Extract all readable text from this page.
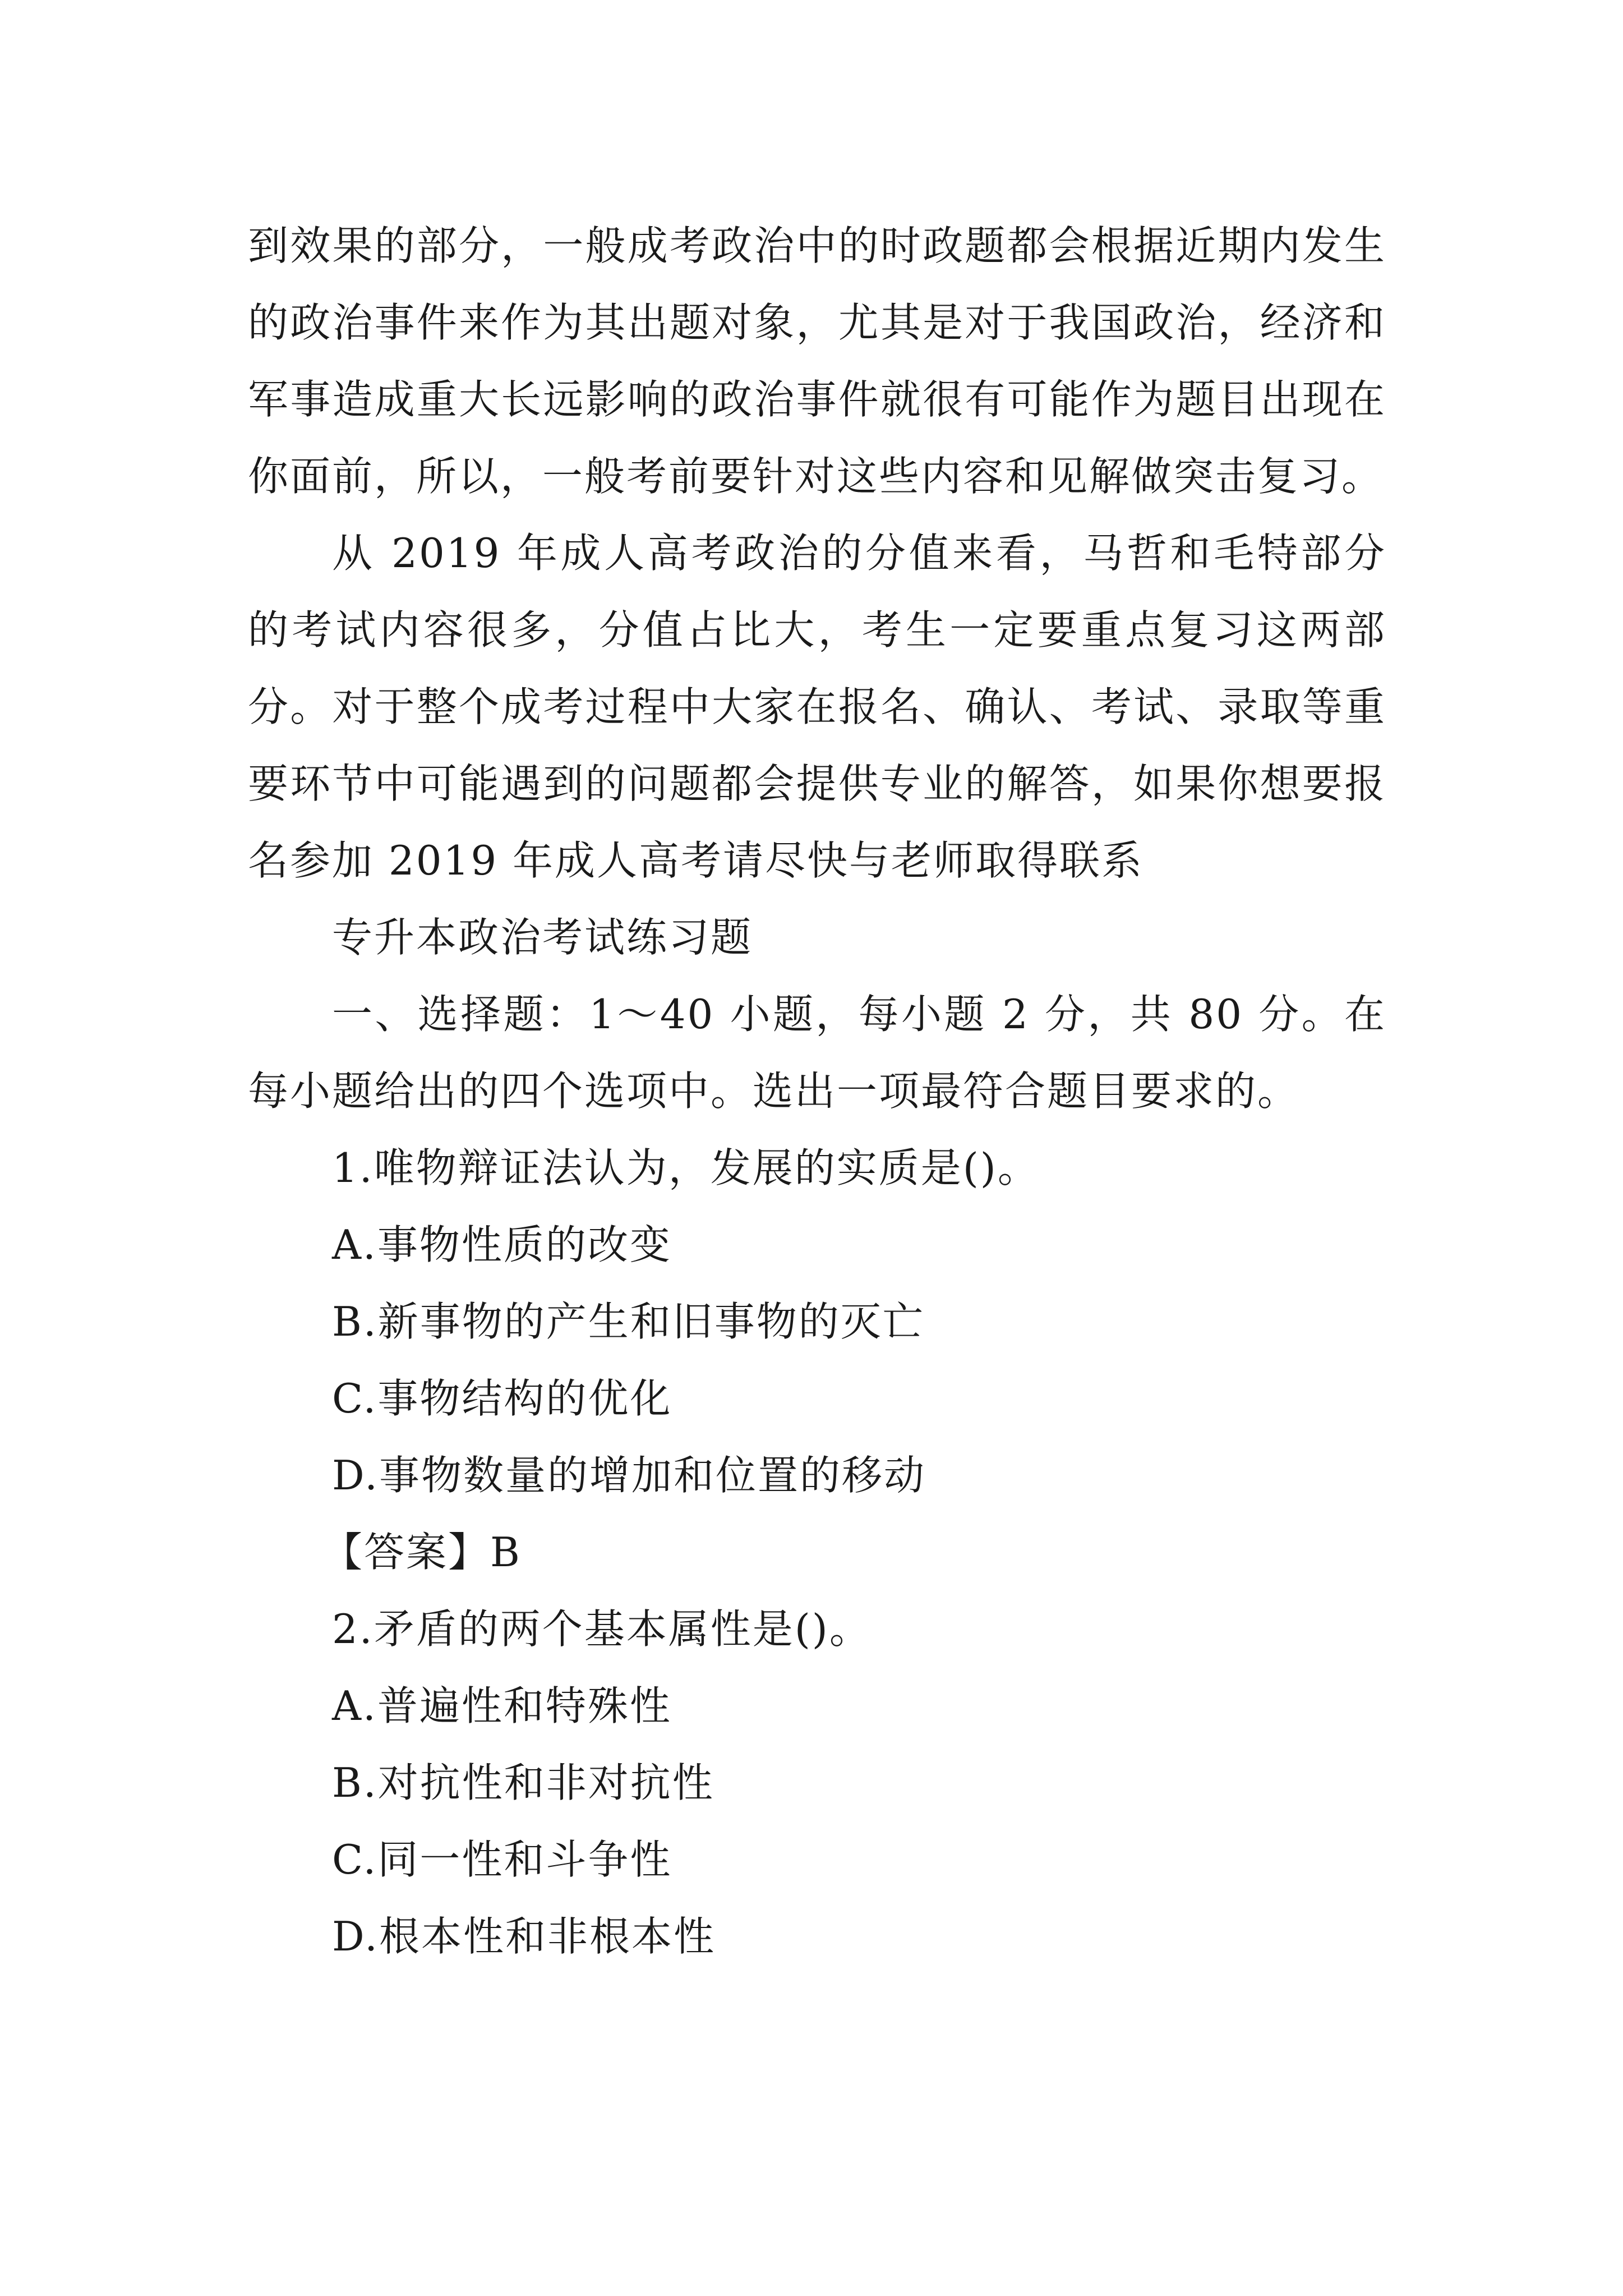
到效果的部分，一般成考政治中的时政题都会根据近期内发生的政治事件来作为其出题对象，尤其是对于我国政治，经济和军事造成重大长远影响的政治事件就很有可能作为题目出现在你面前，所以，一般考前要针对这些内容和见解做突击复习。

从 2019 年成人高考政治的分值来看，马哲和毛特部分的考试内容很多，分值占比大，考生一定要重点复习这两部分。对于整个成考过程中大家在报名、确认、考试、录取等重要环节中可能遇到的问题都会提供专业的解答，如果你想要报名参加 2019 年成人高考请尽快与老师取得联系

专升本政治考试练习题

一、选择题：1～40 小题，每小题 2 分，共 80 分。在每小题给出的四个选项中。选出一项最符合题目要求的。

1.唯物辩证法认为，发展的实质是()。

A.事物性质的改变

B.新事物的产生和旧事物的灭亡

C.事物结构的优化

D.事物数量的增加和位置的移动

【答案】B

2.矛盾的两个基本属性是()。

A.普遍性和特殊性

B.对抗性和非对抗性

C.同一性和斗争性

D.根本性和非根本性
